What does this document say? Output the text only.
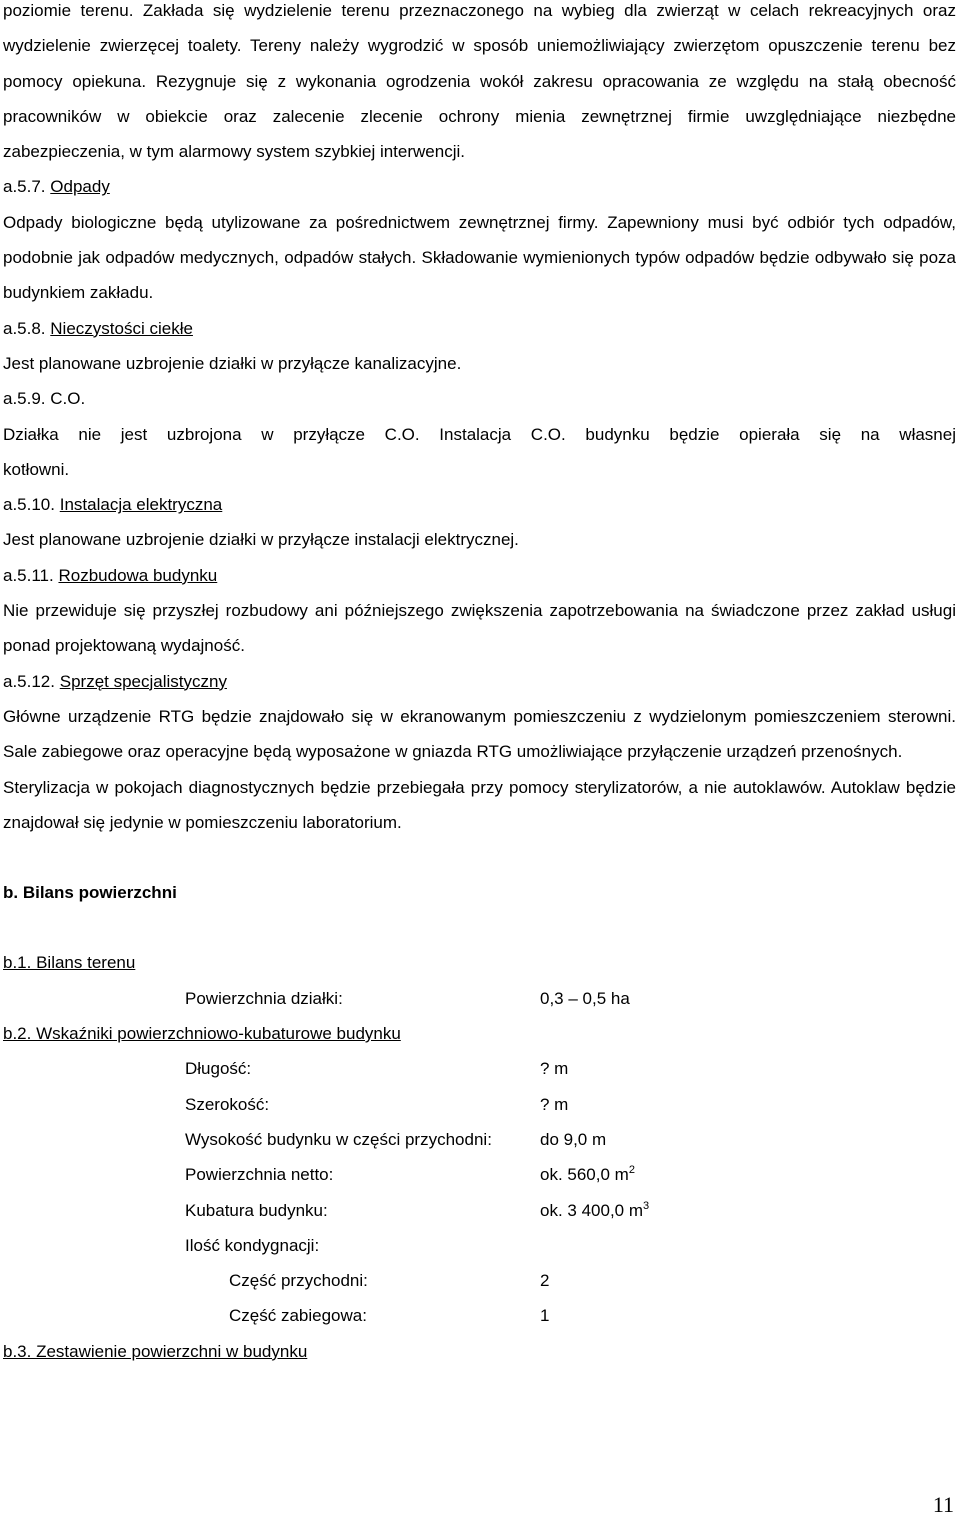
poziomie terenu. Zakłada się wydzielenie terenu przeznaczonego na wybieg dla zwierząt w celach rekreacyjnych oraz wydzielenie zwierzęcej toalety. Tereny należy wygrodzić w sposób uniemożliwiający zwierzętom opuszczenie terenu bez pomocy opiekuna. Rezygnuje się z wykonania ogrodzenia wokół zakresu opracowania ze względu na stałą obecność pracowników w obiekcie oraz zalecenie zlecenie ochrony mienia zewnętrznej firmie uwzględniające niezbędne zabezpieczenia, w tym alarmowy system szybkiej interwencji.

a.5.7. Odpady

Odpady biologiczne będą utylizowane za pośrednictwem zewnętrznej firmy. Zapewniony musi być odbiór tych odpadów, podobnie jak odpadów medycznych, odpadów stałych. Składowanie wymienionych typów odpadów będzie odbywało się poza budynkiem zakładu.

a.5.8. Nieczystości ciekłe

Jest planowane uzbrojenie działki w przyłącze kanalizacyjne.

a.5.9. C.O.

Działka nie jest uzbrojona w przyłącze C.O. Instalacja C.O. budynku będzie opierała się na własnej

kotłowni.

a.5.10. Instalacja elektryczna

Jest planowane uzbrojenie działki w przyłącze instalacji elektrycznej.

a.5.11. Rozbudowa budynku

Nie przewiduje się przyszłej rozbudowy ani późniejszego zwiększenia zapotrzebowania na świadczone przez zakład usługi ponad projektowaną wydajność.

a.5.12. Sprzęt specjalistyczny

Główne urządzenie RTG będzie znajdowało się w ekranowanym pomieszczeniu z wydzielonym pomieszczeniem sterowni. Sale zabiegowe oraz operacyjne będą wyposażone w gniazda RTG umożliwiające przyłączenie urządzeń przenośnych.

Sterylizacja w pokojach diagnostycznych będzie przebiegała przy pomocy sterylizatorów, a nie autoklawów. Autoklaw będzie znajdował się jedynie w pomieszczeniu laboratorium.

b. Bilans powierzchni

b.1. Bilans terenu

Powierzchnia działki:	0,3 – 0,5 ha

b.2. Wskaźniki powierzchniowo-kubaturowe budynku

Długość:	? m
Szerokość:	? m
Wysokość budynku w części przychodni:	do 9,0 m
Powierzchnia netto:	ok. 560,0 $m^2$
Kubatura budynku:	ok. 3 400,0 $m^3$
Ilość kondygnacji:
Część przychodni:	2
Część zabiegowa:	1

b.3. Zestawienie powierzchni w budynku

11
